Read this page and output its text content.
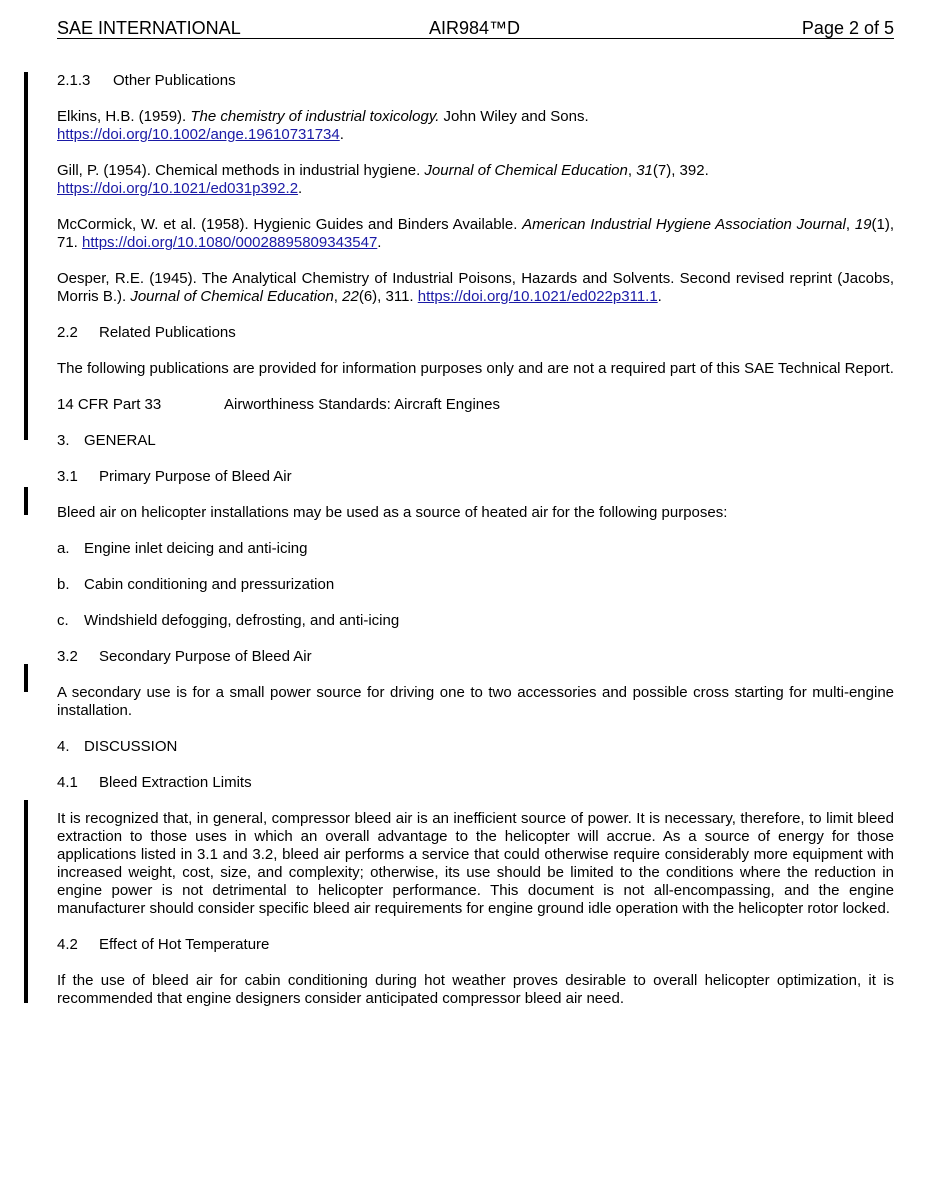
SAE INTERNATIONAL	AIR984™D	Page 2 of 5
2.1.3 Other Publications
Elkins, H.B. (1959). The chemistry of industrial toxicology. John Wiley and Sons.
https://doi.org/10.1002/ange.19610731734.
Gill, P. (1954). Chemical methods in industrial hygiene. Journal of Chemical Education, 31(7), 392.
https://doi.org/10.1021/ed031p392.2.
McCormick, W. et al. (1958). Hygienic Guides and Binders Available. American Industrial Hygiene Association Journal, 19(1), 71. https://doi.org/10.1080/00028895809343547.
Oesper, R.E. (1945). The Analytical Chemistry of Industrial Poisons, Hazards and Solvents. Second revised reprint (Jacobs, Morris B.). Journal of Chemical Education, 22(6), 311. https://doi.org/10.1021/ed022p311.1.
2.2 Related Publications
The following publications are provided for information purposes only and are not a required part of this SAE Technical Report.
14 CFR Part 33	Airworthiness Standards: Aircraft Engines
3. GENERAL
3.1 Primary Purpose of Bleed Air
Bleed air on helicopter installations may be used as a source of heated air for the following purposes:
a. Engine inlet deicing and anti-icing
b. Cabin conditioning and pressurization
c. Windshield defogging, defrosting, and anti-icing
3.2 Secondary Purpose of Bleed Air
A secondary use is for a small power source for driving one to two accessories and possible cross starting for multi-engine installation.
4. DISCUSSION
4.1 Bleed Extraction Limits
It is recognized that, in general, compressor bleed air is an inefficient source of power. It is necessary, therefore, to limit bleed extraction to those uses in which an overall advantage to the helicopter will accrue. As a source of energy for those applications listed in 3.1 and 3.2, bleed air performs a service that could otherwise require considerably more equipment with increased weight, cost, size, and complexity; otherwise, its use should be limited to the conditions where the reduction in engine power is not detrimental to helicopter performance. This document is not all-encompassing, and the engine manufacturer should consider specific bleed air requirements for engine ground idle operation with the helicopter rotor locked.
4.2 Effect of Hot Temperature
If the use of bleed air for cabin conditioning during hot weather proves desirable to overall helicopter optimization, it is recommended that engine designers consider anticipated compressor bleed air need.
